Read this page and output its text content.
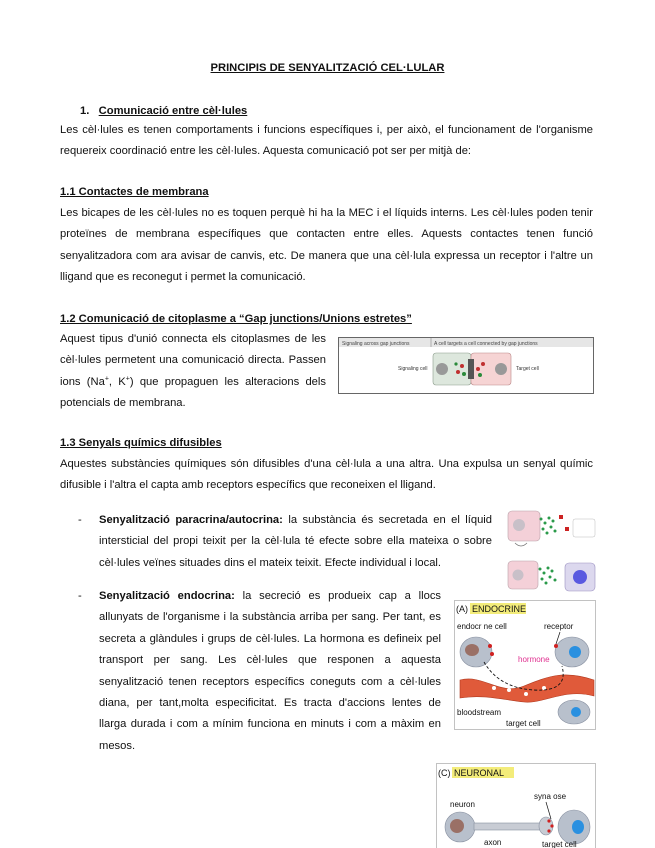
PRINCIPIS DE SENYALITZACIÓ CEL·LULAR
1. Comunicació entre cèl·lules
Les cèl·lules es tenen comportaments i funcions específiques i, per això, el funcionament de l'organisme requereix coordinació entre les cèl·lules. Aquesta comunicació pot ser per mitjà de:
1.1 Contactes de membrana
Les bicapes de les cèl·lules no es toquen perquè hi ha la MEC i el líquids interns. Les cèl·lules poden tenir proteïnes de membrana específiques que contacten entre elles. Aquests contactes tenen funció senyalitzadora com ara avisar de canvis, etc. De manera que una cèl·lula expressa un receptor i l'altre un lligand que es reconegut i permet la comunicació.
1.2 Comunicació de citoplasme a “Gap junctions/Unions estretes”
Aquest tipus d'unió connecta els citoplasmes de les cèl·lules permetent una comunicació directa. Passen ions (Na+, K+) que propaguen les alteracions dels potencials de membrana.
Signaling across gap junctions	A cell targets a cell connected by gap junctions
Signaling cell	Target cell
1.3 Senyals químics difusibles
Aquestes substàncies químiques són difusibles d'una cèl·lula a una altra. Una expulsa un senyal químic difusible i l'altra el capta amb receptors específics que reconeixen el lligand.
- Senyalització paracrina/autocrina: la substància és secretada en el líquid intersticial del propi teixit per la cèl·lula té efecte sobre ella mateixa o sobre cèl·lules veïnes situades dins el mateix teixit. Efecte individual i local.
- Senyalització endocrina: la secreció es produeix cap a llocs allunyats de l'organisme i la substància arriba per sang. Per tant, es secreta a glàndules i grups de cèl·lules. La hormona es defineix pel transport per sang. Les cèl·lules que responen a aquesta senyalització tenen receptors específics coneguts com a cèl·lules diana, per tant,molta especificitat. Es tracta d'accions lentes de llarga durada i com a mínim funciona en minuts i com a màxim en mesos.
(A) ENDOCRINE
endocr ne cell	receptor
hormone
bloodstream
target cell
(C) NEURONAL
syna ose
neuron
axon	target cell
